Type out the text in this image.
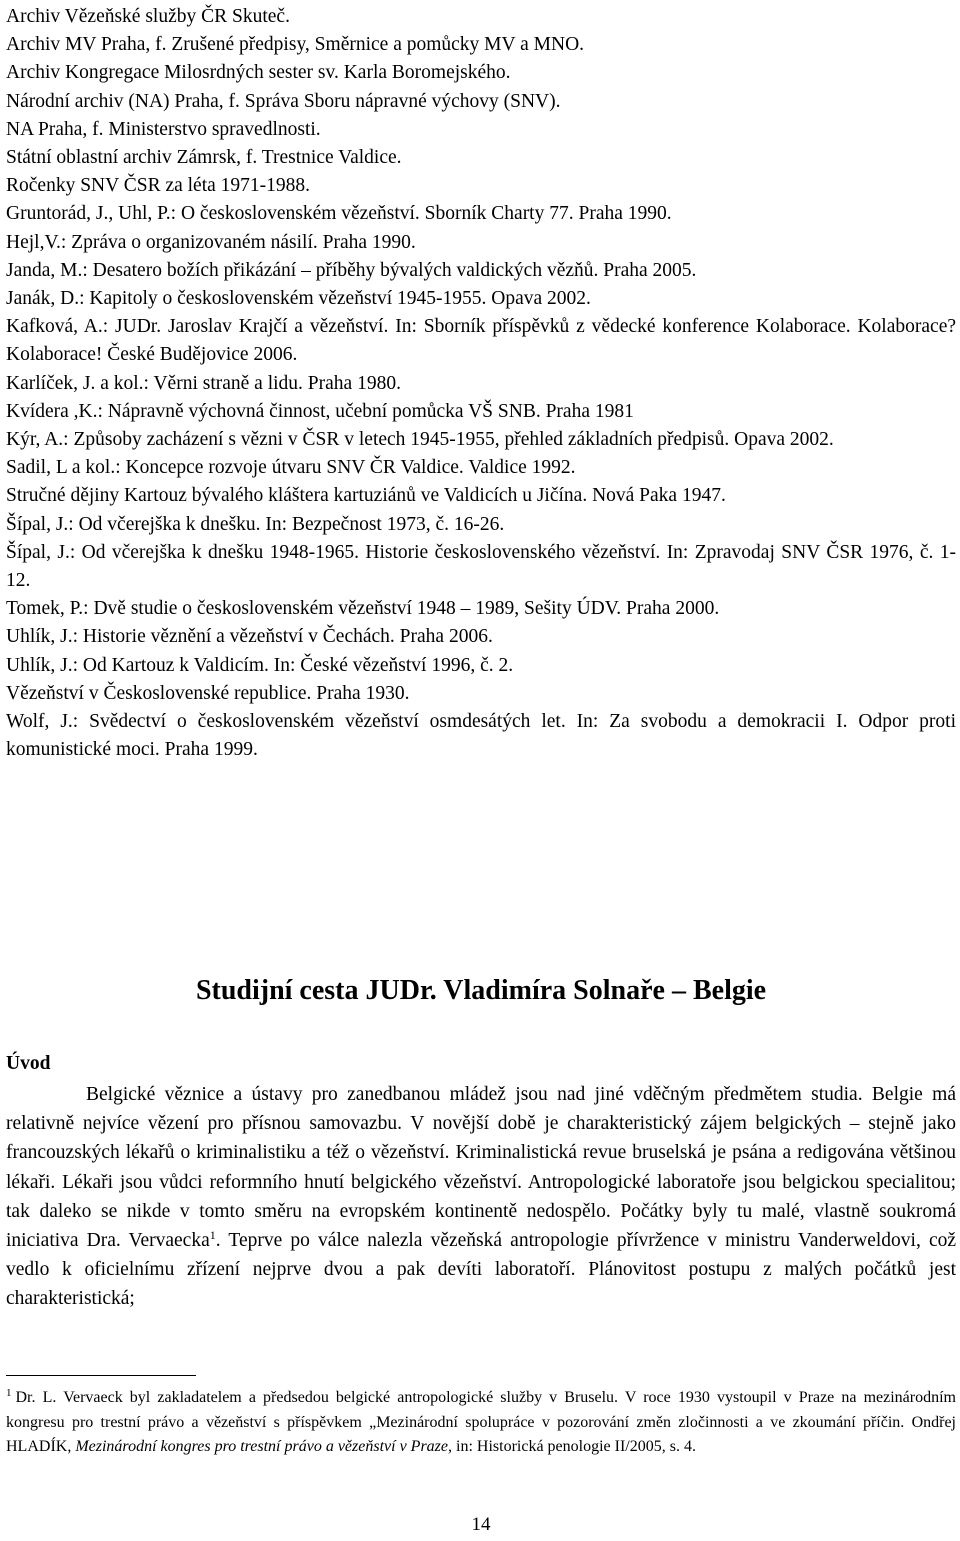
Archiv Vězeňské služby ČR Skuteč.

Archiv MV Praha, f. Zrušené předpisy, Směrnice a pomůcky MV a MNO.

Archiv Kongregace Milosrdných sester sv. Karla Boromejského.

Národní archiv (NA) Praha, f. Správa Sboru nápravné výchovy (SNV).

NA Praha, f. Ministerstvo spravedlnosti.

Státní oblastní archiv Zámrsk, f. Trestnice Valdice.

Ročenky SNV ČSR za léta 1971-1988.

Gruntorád, J., Uhl, P.: O československém vězeňství. Sborník Charty 77. Praha 1990.

Hejl,V.: Zpráva o organizovaném násilí. Praha 1990.

Janda, M.: Desatero božích přikázání – příběhy bývalých valdických vězňů. Praha 2005.

Janák, D.: Kapitoly o československém vězeňství 1945-1955. Opava 2002.

Kafková, A.: JUDr. Jaroslav Krajčí a vězeňství. In: Sborník příspěvků z vědecké konference Kolaborace. Kolaborace? Kolaborace! České Budějovice 2006.

Karlíček, J. a kol.: Věrni straně a lidu. Praha 1980.

Kvídera ,K.: Nápravně výchovná činnost, učební pomůcka VŠ SNB. Praha 1981

Kýr, A.: Způsoby zacházení s vězni v ČSR v letech 1945-1955, přehled základních předpisů. Opava 2002.

Sadil, L a kol.: Koncepce rozvoje útvaru SNV ČR Valdice. Valdice 1992.

Stručné dějiny Kartouz bývalého kláštera kartuziánů ve Valdicích u Jičína. Nová Paka 1947.

Šípal, J.: Od včerejška k dnešku. In: Bezpečnost 1973, č. 16-26.

Šípal, J.: Od včerejška k dnešku 1948-1965. Historie československého vězeňství. In: Zpravodaj SNV ČSR 1976, č. 1-12.

Tomek, P.: Dvě studie o československém vězeňství 1948 – 1989, Sešity ÚDV. Praha 2000.

Uhlík, J.: Historie věznění a vězeňství v Čechách. Praha 2006.

Uhlík, J.: Od Kartouz k Valdicím. In: České vězeňství 1996, č. 2.

Vězeňství v Československé republice. Praha 1930.

Wolf, J.: Svědectví o československém vězeňství osmdesátých let. In: Za svobodu a demokracii I. Odpor proti komunistické moci. Praha 1999.

Studijní cesta JUDr. Vladimíra Solnaře – Belgie
Úvod

Belgické věznice a ústavy pro zanedbanou mládež jsou nad jiné vděčným předmětem studia. Belgie má relativně nejvíce vězení pro přísnou samovazbu. V novější době je charakteristický zájem belgických – stejně jako francouzských lékařů o kriminalistiku a též o vězeňství. Kriminalistická revue bruselská je psána a redigována většinou lékaři. Lékaři jsou vůdci reformního hnutí belgického vězeňství. Antropologické laboratoře jsou belgickou specialitou; tak daleko se nikde v tomto směru na evropském kontinentě nedospělo. Počátky byly tu malé, vlastně soukromá iniciativa Dra. Vervaecka$^1$. Teprve po válce nalezla vězeňská antropologie přívržence v ministru Vanderweldovi, což vedlo k oficielnímu zřízení nejprve dvou a pak devíti laboratoří. Plánovitost postupu z malých počátků jest charakteristická;

$^1$ Dr. L. Vervaeck byl zakladatelem a předsedou belgické antropologické služby v Bruselu. V roce 1930 vystoupil v Praze na mezinárodním kongresu pro trestní právo a vězeňství s příspěvkem „Mezinárodní spolupráce v pozorování změn zločinnosti a ve zkoumání příčin. Ondřej HLADÍK, Mezinárodní kongres pro trestní právo a vězeňství v Praze, in: Historická penologie II/2005, s. 4.

14
